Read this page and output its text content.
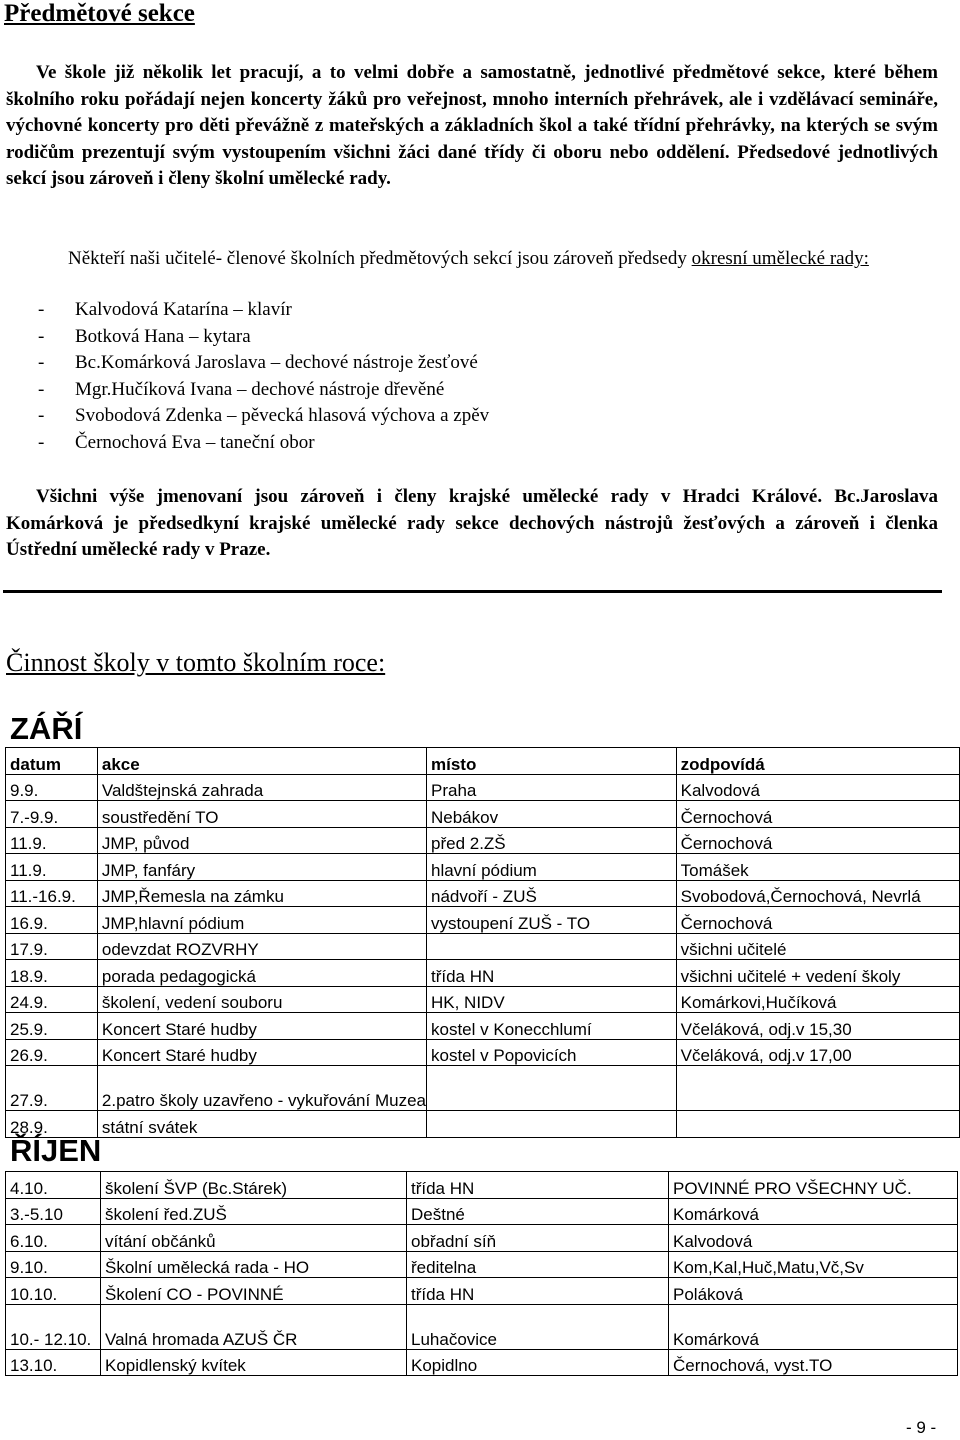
Předmětové sekce
Ve škole již několik let pracují, a to velmi dobře a samostatně, jednotlivé předmětové sekce, které během školního roku pořádají nejen koncerty žáků pro veřejnost, mnoho interních přehrávek, ale i vzdělávací semináře, výchovné koncerty pro děti převážně z mateřských a základních škol a také třídní přehrávky, na kterých se svým rodičům prezentují svým vystoupením všichni žáci dané třídy či oboru nebo oddělení. Předsedové jednotlivých sekcí jsou zároveň i členy školní umělecké rady.
Někteří naši učitelé- členové školních předmětových sekcí jsou zároveň předsedy okresní umělecké rady:
- Kalvodová Katarína – klavír
- Botková Hana – kytara
- Bc.Komárková Jaroslava – dechové nástroje žesťové
- Mgr.Hučíková Ivana – dechové nástroje dřevěné
- Svobodová Zdenka – pěvecká hlasová výchova a zpěv
- Černochová Eva – taneční obor
Všichni výše jmenovaní jsou zároveň i členy krajské umělecké rady v Hradci Králové. Bc.Jaroslava Komárková je předsedkyní krajské umělecké rady sekce dechových nástrojů žesťových a zároveň i členka Ústřední umělecké rady v Praze.
Činnost školy v tomto školním roce:
ZÁŘÍ
datum	akce	místo	zodpovídá
9.9.	Valdštejnská zahrada	Praha	Kalvodová
7.-9.9.	soustředění TO	Nebákov	Černochová
11.9.	JMP, původ	před 2.ZŠ	Černochová
11.9.	JMP, fanfáry	hlavní pódium	Tomášek
11.-16.9.	JMP,Řemesla na zámku	nádvoří - ZUŠ	Svobodová,Černochová, Nevrlá
16.9.	JMP,hlavní pódium	vystoupení ZUŠ - TO	Černochová
17.9.	odevzdat ROZVRHY		všichni učitelé
18.9.	porada pedagogická	třída HN	všichni učitelé + vedení školy
24.9.	školení, vedení souboru	HK, NIDV	Komárkovi,Hučíková
25.9.	Koncert Staré hudby	kostel v Konecchlumí	Včeláková, odj.v 15,30
26.9.	Koncert Staré hudby	kostel v Popovicích	Včeláková, odj.v 17,00
27.9.	2.patro školy uzavřeno - vykuřování Muzea		
28.9.	státní svátek		
ŘÍJEN
4.10.	školení ŠVP (Bc.Stárek)	třída HN	POVINNÉ PRO VŠECHNY UČ.
3.-5.10	školení řed.ZUŠ	Deštné	Komárková
6.10.	vítání občánků	obřadní síň	Kalvodová
9.10.	Školní umělecká rada - HO	ředitelna	Kom,Kal,Huč,Matu,Vč,Sv
10.10.	Školení CO - POVINNÉ	třída HN	Poláková
10.- 12.10.	Valná hromada AZUŠ ČR	Luhačovice	Komárková
13.10.	Kopidlenský kvítek	Kopidlno	Černochová, vyst.TO
- 9 -
